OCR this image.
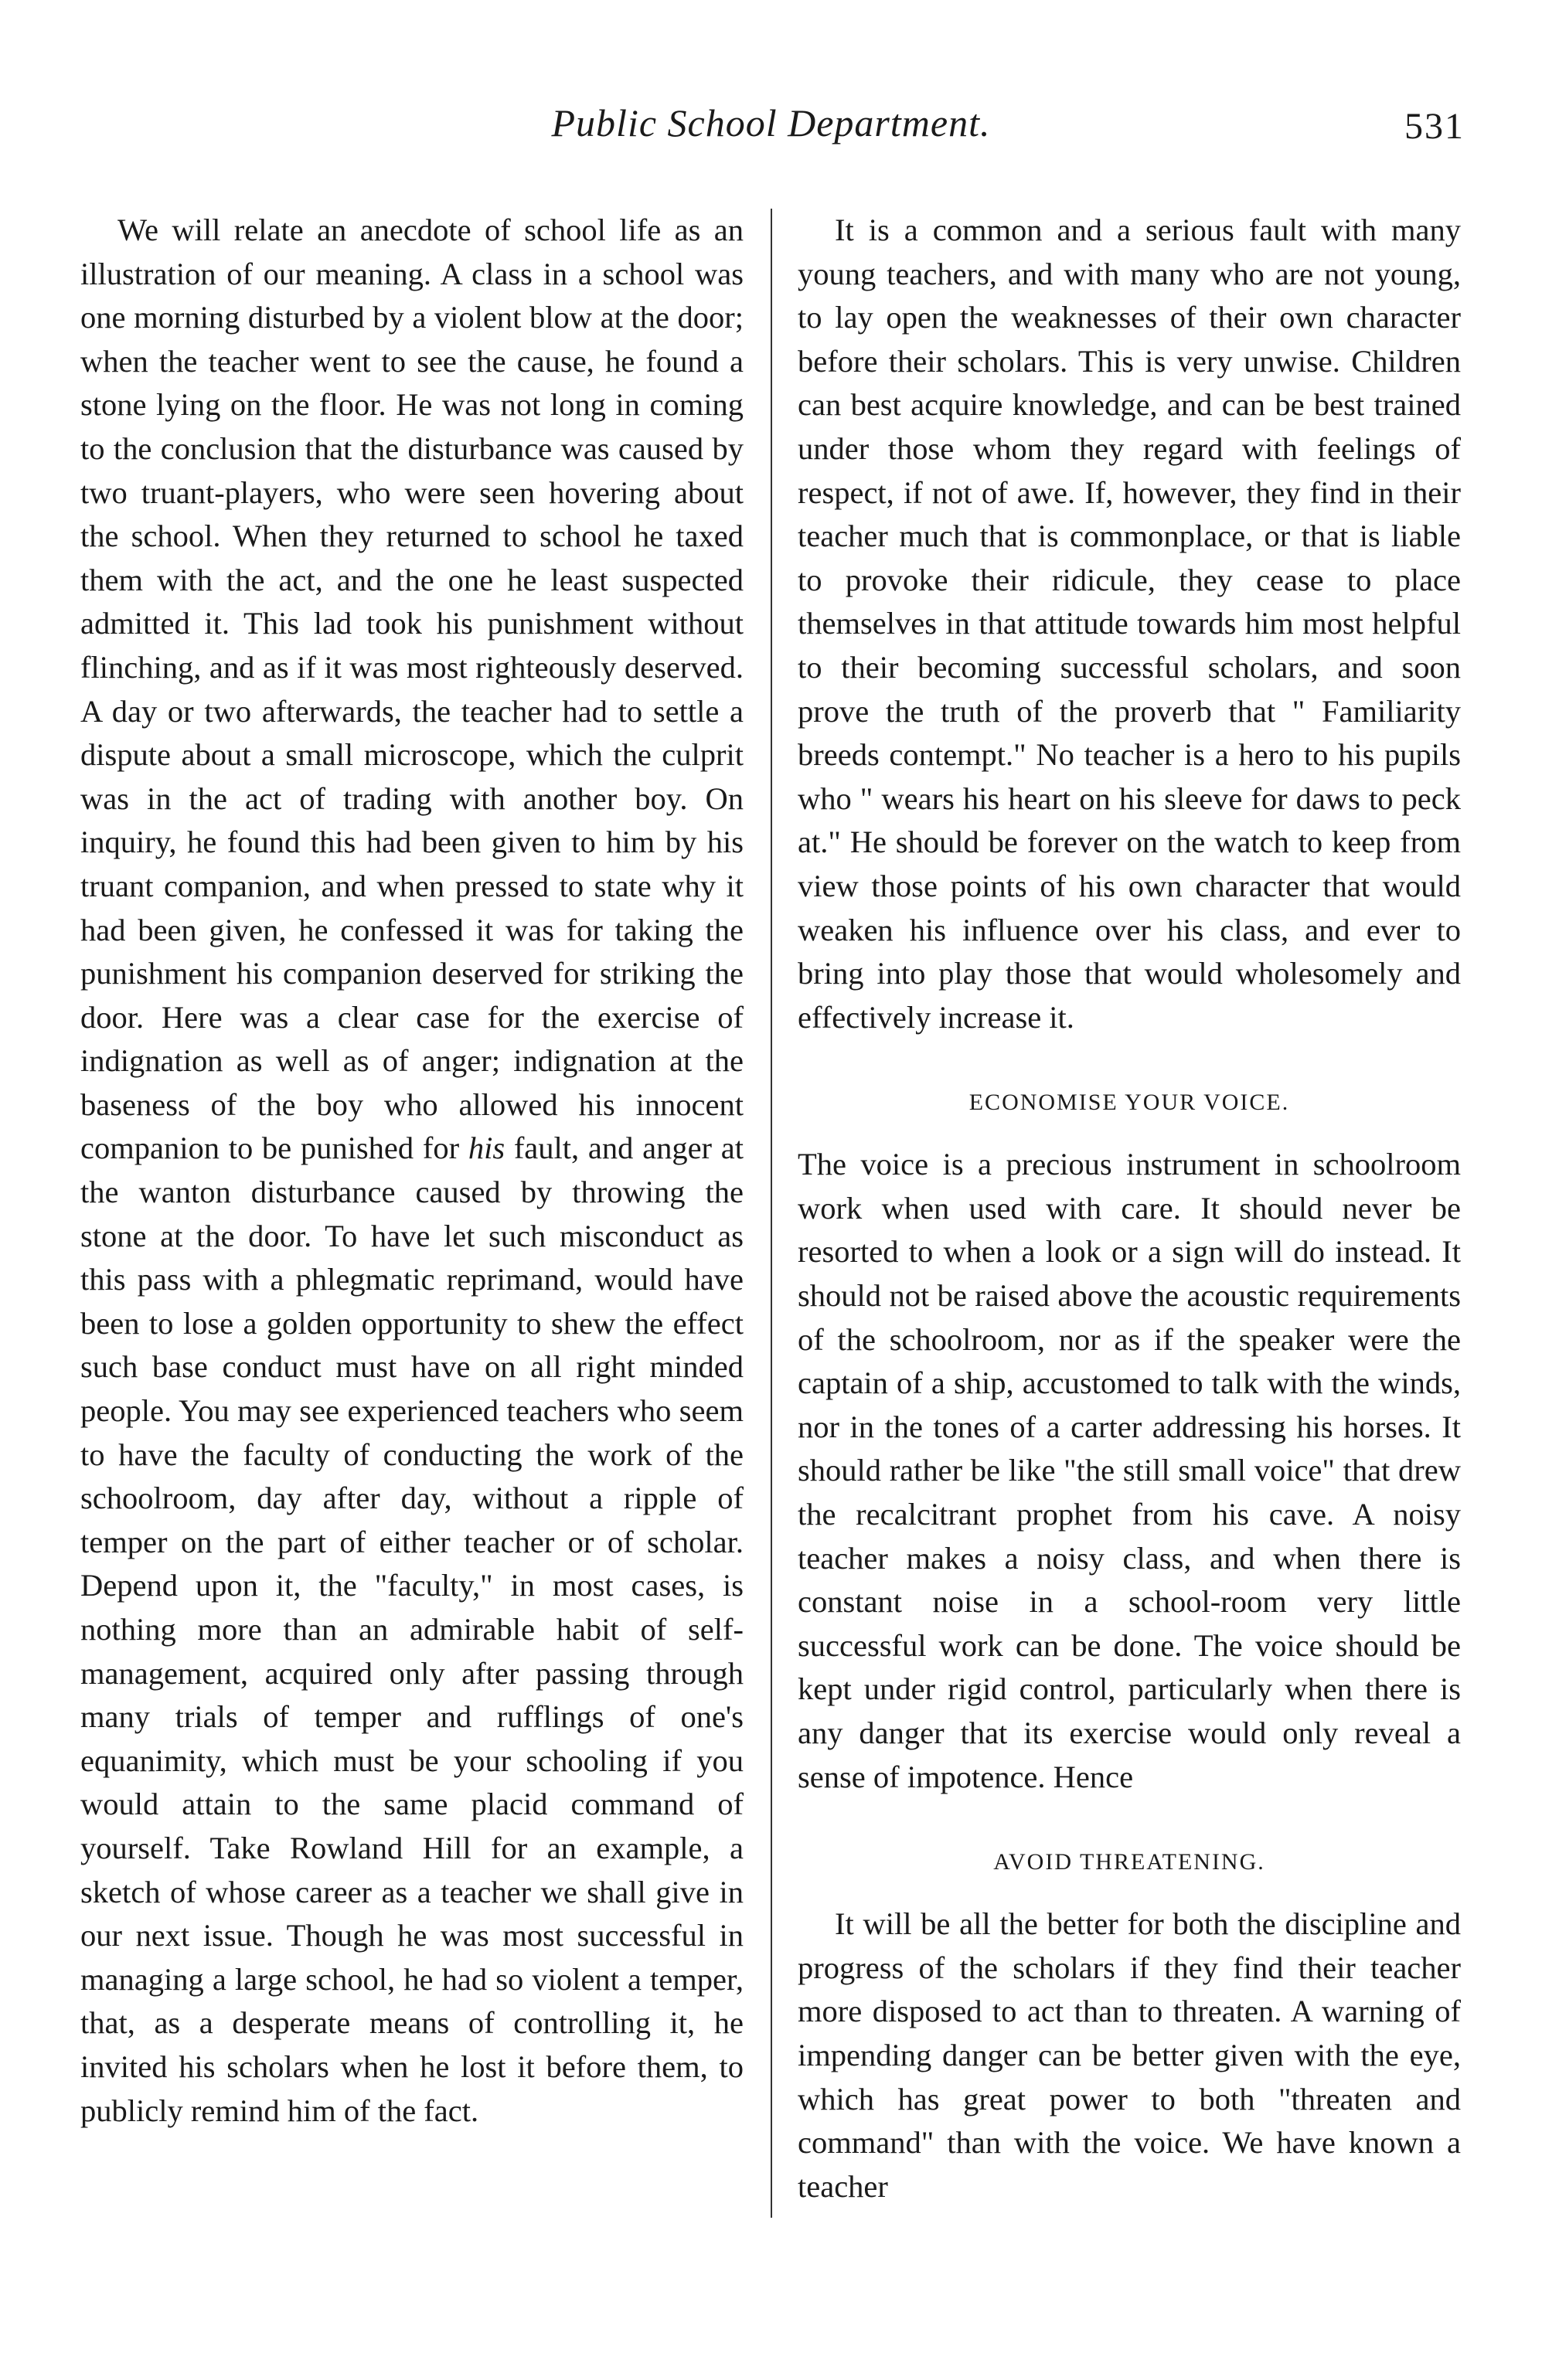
Public School Department.	531

We will relate an anecdote of school life as an illustration of our meaning. A class in a school was one morning disturbed by a violent blow at the door; when the teacher went to see the cause, he found a stone lying on the floor. He was not long in coming to the conclusion that the disturbance was caused by two truant-players, who were seen hovering about the school. When they returned to school he taxed them with the act, and the one he least suspected admitted it. This lad took his punishment without flinching, and as if it was most righteously deserved. A day or two afterwards, the teacher had to settle a dispute about a small microscope, which the culprit was in the act of trading with another boy. On inquiry, he found this had been given to him by his truant companion, and when pressed to state why it had been given, he confessed it was for taking the punishment his companion deserved for striking the door. Here was a clear case for the exercise of indignation as well as of anger; indignation at the baseness of the boy who allowed his innocent companion to be punished for his fault, and anger at the wanton disturbance caused by throwing the stone at the door. To have let such misconduct as this pass with a phlegmatic reprimand, would have been to lose a golden opportunity to shew the effect such base conduct must have on all right minded people. You may see experienced teachers who seem to have the faculty of conducting the work of the schoolroom, day after day, without a ripple of temper on the part of either teacher or of scholar. Depend upon it, the "faculty," in most cases, is nothing more than an admirable habit of self-management, acquired only after passing through many trials of temper and rufflings of one's equanimity, which must be your schooling if you would attain to the same placid command of yourself. Take Rowland Hill for an example, a sketch of whose career as a teacher we shall give in our next issue. Though he was most successful in managing a large school, he had so violent a temper, that, as a desperate means of controlling it, he invited his scholars when he lost it before them, to publicly remind him of the fact.

It is a common and a serious fault with many young teachers, and with many who are not young, to lay open the weaknesses of their own character before their scholars. This is very unwise. Children can best acquire knowledge, and can be best trained under those whom they regard with feelings of respect, if not of awe. If, however, they find in their teacher much that is commonplace, or that is liable to provoke their ridicule, they cease to place themselves in that attitude towards him most helpful to their becoming successful scholars, and soon prove the truth of the proverb that " Familiarity breeds contempt." No teacher is a hero to his pupils who " wears his heart on his sleeve for daws to peck at." He should be forever on the watch to keep from view those points of his own character that would weaken his influence over his class, and ever to bring into play those that would wholesomely and effectively increase it.

ECONOMISE YOUR VOICE.

The voice is a precious instrument in schoolroom work when used with care. It should never be resorted to when a look or a sign will do instead. It should not be raised above the acoustic requirements of the schoolroom, nor as if the speaker were the captain of a ship, accustomed to talk with the winds, nor in the tones of a carter addressing his horses. It should rather be like "the still small voice" that drew the recalcitrant prophet from his cave. A noisy teacher makes a noisy class, and when there is constant noise in a school-room very little successful work can be done. The voice should be kept under rigid control, particularly when there is any danger that its exercise would only reveal a sense of impotence. Hence

AVOID THREATENING.

It will be all the better for both the discipline and progress of the scholars if they find their teacher more disposed to act than to threaten. A warning of impending danger can be better given with the eye, which has great power to both "threaten and command" than with the voice. We have known a teacher
